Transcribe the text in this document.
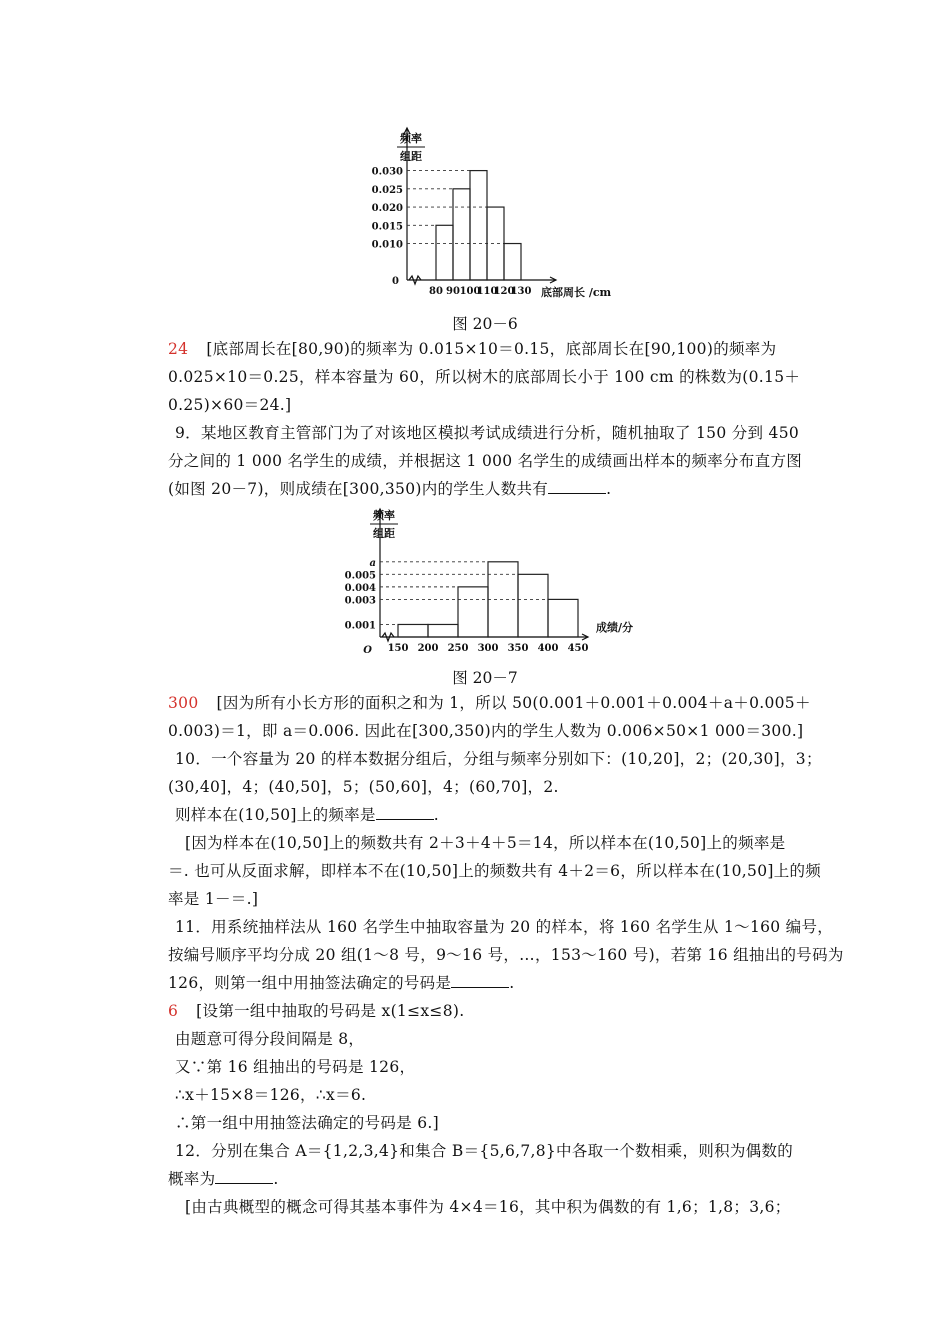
频率
组距
0
0.010
0.015
0.020
0.025
0.030
80 90 100
110
120
130 底部周长 /cm
图 20－6
24 [底部周长在[80,90)的频率为 0.015×10＝0.15，底部周长在[90,100)的频率为
0.025×10＝0.25，样本容量为 60，所以树木的底部周长小于 100 cm 的株数为(0.15＋
0.25)×60＝24.]
9．某地区教育主管部门为了对该地区模拟考试成绩进行分析，随机抽取了 150 分到 450
分之间的 1 000 名学生的成绩，并根据这 1 000 名学生的成绩画出样本的频率分布直方图
(如图 20－7)，则成绩在[300,350)内的学生人数共有	.
频率
组距
O
0.001
0.003
0.004
0.005
a
150 200 250 300 350 400 450
成绩/分
图 20－7
300 [因为所有小长方形的面积之和为 1，所以 50(0.001＋0.001＋0.004＋a＋0.005＋
0.003)＝1，即 a＝0.006. 因此在[300,350)内的学生人数为 0.006×50×1 000＝300.]
10．一个容量为 20 的样本数据分组后，分组与频率分别如下：(10,20]，2；(20,30]，3；
(30,40]，4；(40,50]，5；(50,60]，4；(60,70]，2.
则样本在(10,50]上的频率是	.
[因为样本在(10,50]上的频数共有 2＋3＋4＋5＝14，所以样本在(10,50]上的频率是
＝. 也可从反面求解，即样本不在(10,50]上的频数共有 4＋2＝6，所以样本在(10,50]上的频
率是 1－＝.]
11．用系统抽样法从 160 名学生中抽取容量为 20 的样本，将 160 名学生从 1～160 编号，
按编号顺序平均分成 20 组(1～8 号，9～16 号，…，153～160 号)，若第 16 组抽出的号码为
126，则第一组中用抽签法确定的号码是	.
6 [设第一组中抽取的号码是 x(1≤x≤8).
由题意可得分段间隔是 8，
又∵第 16 组抽出的号码是 126，
∴x＋15×8＝126，∴x＝6.
∴第一组中用抽签法确定的号码是 6.]
12．分别在集合 A＝{1,2,3,4}和集合 B＝{5,6,7,8}中各取一个数相乘，则积为偶数的
概率为	.
[由古典概型的概念可得其基本事件为 4×4＝16，其中积为偶数的有 1,6；1,8；3,6；
